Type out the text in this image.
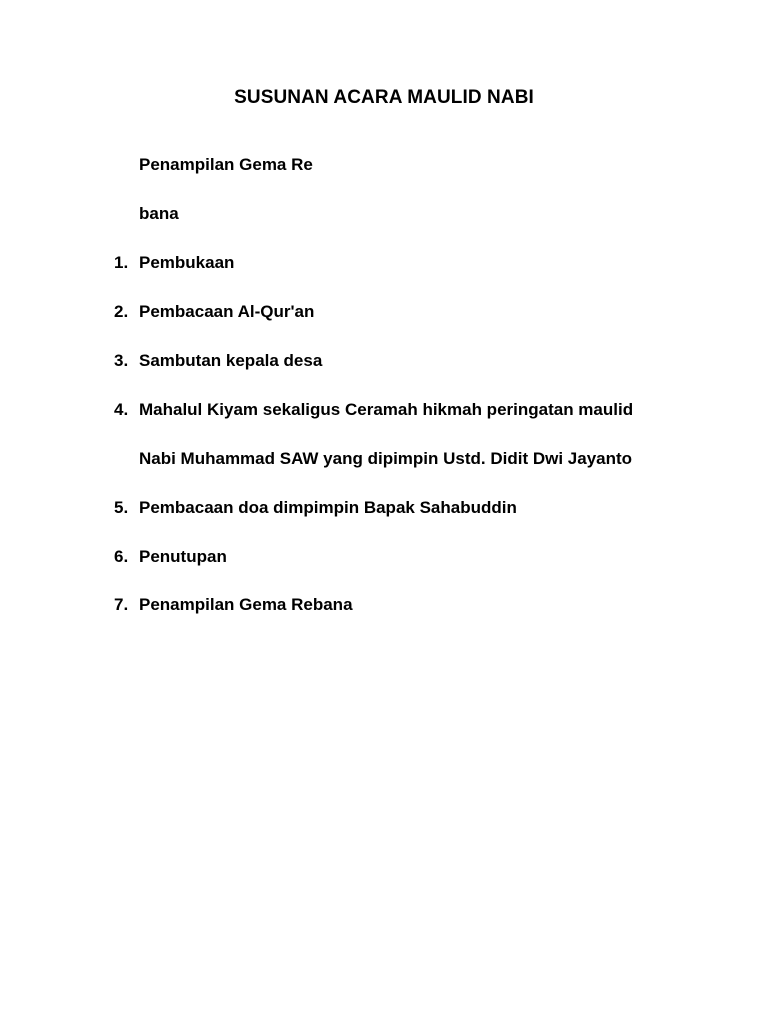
SUSUNAN ACARA MAULID NABI
Penampilan Gema Re
bana
1. Pembukaan
2. Pembacaan Al-Qur'an
3. Sambutan kepala desa
4. Mahalul Kiyam sekaligus Ceramah hikmah peringatan maulid
Nabi Muhammad SAW yang dipimpin Ustd. Didit Dwi Jayanto
5. Pembacaan doa dimpimpin Bapak Sahabuddin
6. Penutupan
7. Penampilan Gema Rebana
